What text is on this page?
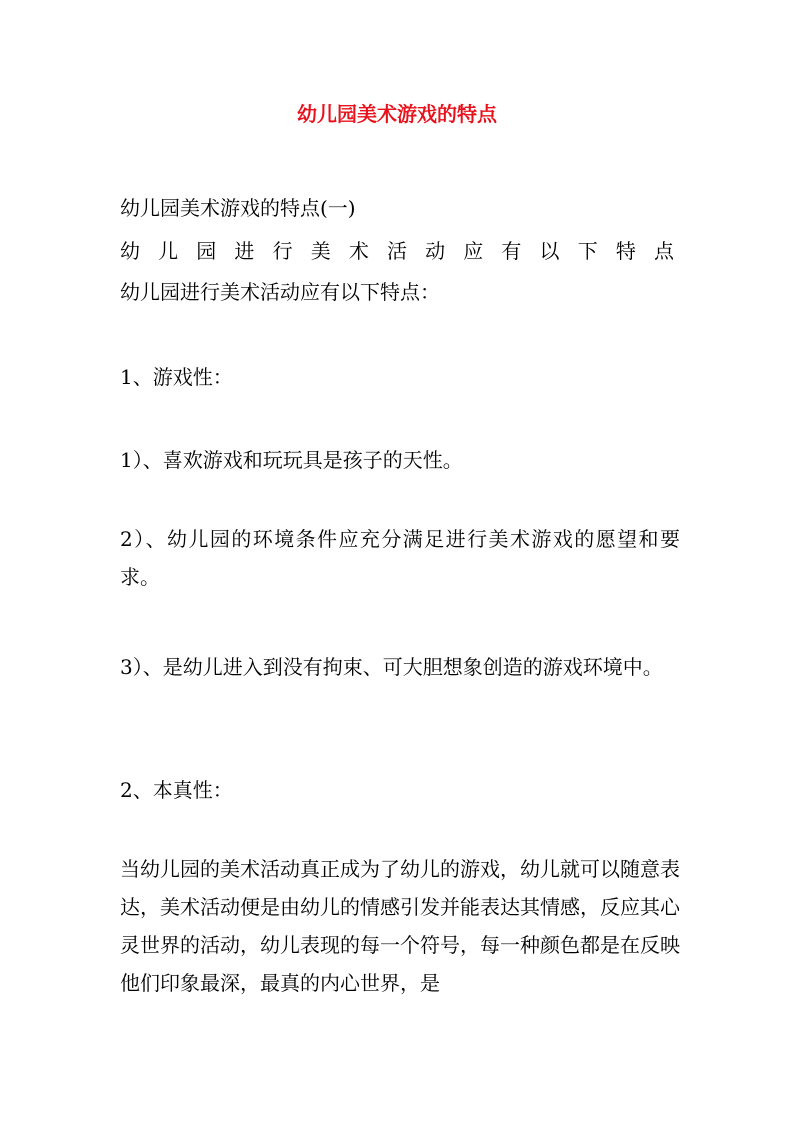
幼儿园美术游戏的特点
幼儿园美术游戏的特点(一)
幼 儿 园 进 行 美 术 活 动 应 有 以 下 特 点
幼儿园进行美术活动应有以下特点：
1、游戏性：
1）、喜欢游戏和玩玩具是孩子的天性。
2）、幼儿园的环境条件应充分满足进行美术游戏的愿望和要求。
3）、是幼儿进入到没有拘束、可大胆想象创造的游戏环境中。
2、本真性：
当幼儿园的美术活动真正成为了幼儿的游戏，幼儿就可以随意表达，美术活动便是由幼儿的情感引发并能表达其情感，反应其心灵世界的活动，幼儿表现的每一个符号，每一种颜色都是在反映他们印象最深，最真的内心世界，是
